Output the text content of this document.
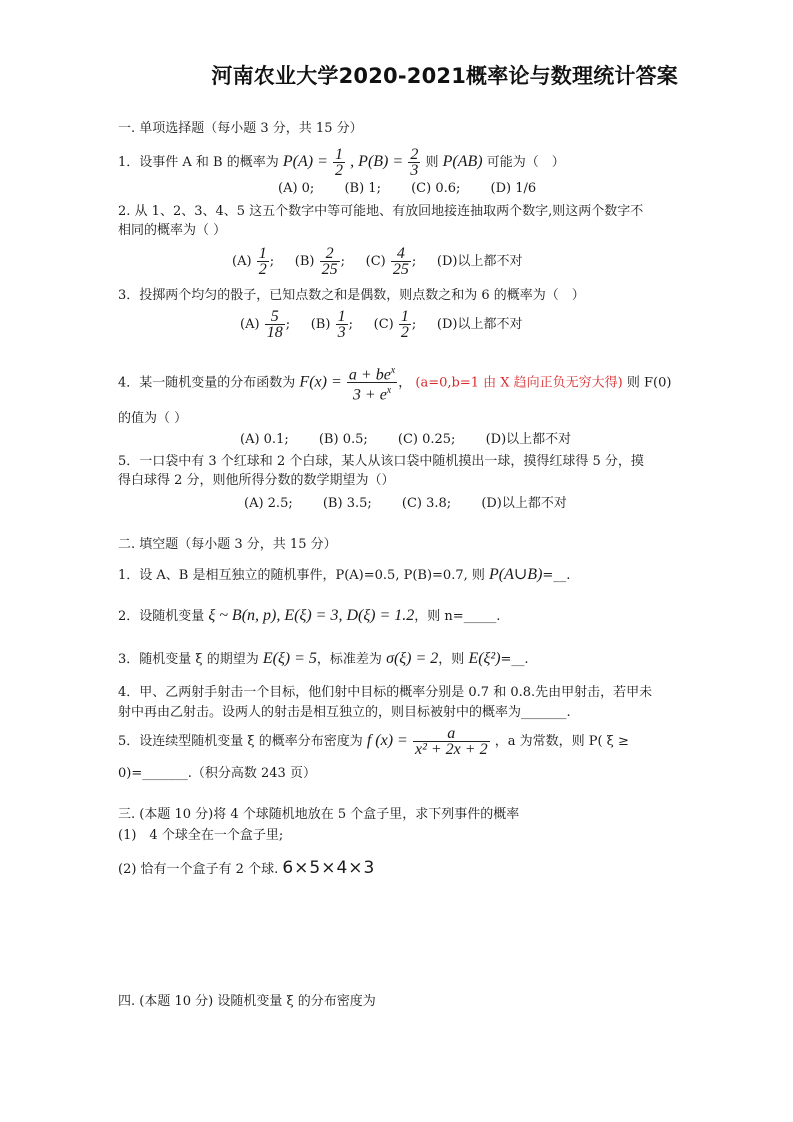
河南农业大学2020-2021概率论与数理统计答案
一. 单项选择题（每小题 3 分，共 15 分）
1．设事件 A 和 B 的概率为 $P(A) = \frac{1}{2}$ , $P(B) = \frac{2}{3}$ 则 P(AB) 可能为（　）
(A) 0; (B) 1; (C) 0.6; (D) 1/6
2. 从 1、2、3、4、5 这五个数字中等可能地、有放回地接连抽取两个数字,则这两个数字不
相同的概率为（ ）
$(A) \frac{1}{2}$ ; $(B) \frac{2}{25}$ ;     $(C) \frac{4}{25}$ ;     (D)以上都不对
3．投掷两个均匀的骰子，已知点数之和是偶数，则点数之和为 6 的概率为（　）
$(A) \frac{5}{18}$ ;     $(B) \frac{1}{3}$ ;     $(C) \frac{1}{2}$ ;     (D)以上都不对
4．某一随机变量的分布函数为 $F(x) = \frac{a + be^x}{3 + e^x}$ ， (a=0,b=1 由 X 趋向正负无穷大得) 则 F(0)
的值为（ ）
(A) 0.1; (B) 0.5; (C) 0.25; (D)以上都不对
5．一口袋中有 3 个红球和 2 个白球，某人从该口袋中随机摸出一球，摸得红球得 5 分，摸
得白球得 2 分，则他所得分数的数学期望为（）
(A) 2.5; (B) 3.5; (C) 3.8; (D)以上都不对
二. 填空题（每小题 3 分，共 15 分）
1．设 A、B 是相互独立的随机事件，P(A)=0.5, P(B)=0.7, 则 P(A∪B)=__.
2．设随机变量 ξ ~ B(n, p), E(ξ) = 3, D(ξ) = 1.2，则 n=_____.
3．随机变量 ξ 的期望为 E(ξ) = 5，标准差为 σ(ξ) = 2，则 E(ξ²)=__.
4．甲、乙两射手射击一个目标，他们射中目标的概率分别是 0.7 和 0.8.先由甲射击，若甲未
射中再由乙射击。设两人的射击是相互独立的，则目标被射中的概率为_______.
5．设连续型随机变量 ξ 的概率分布密度为 f $(x) = \frac{a}{\text{x² + 2x + 2}}$ ，a 为常数，则 P( ξ ≥
0)=_______.（积分高数 243 页）
三. (本题 10 分)将 4 个球随机地放在 5 个盒子里，求下列事件的概率
(1)　4 个球全在一个盒子里;
(2) 恰有一个盒子有 2 个球. 6×5×4×3
四. (本题 10 分) 设随机变量 ξ 的分布密度为
